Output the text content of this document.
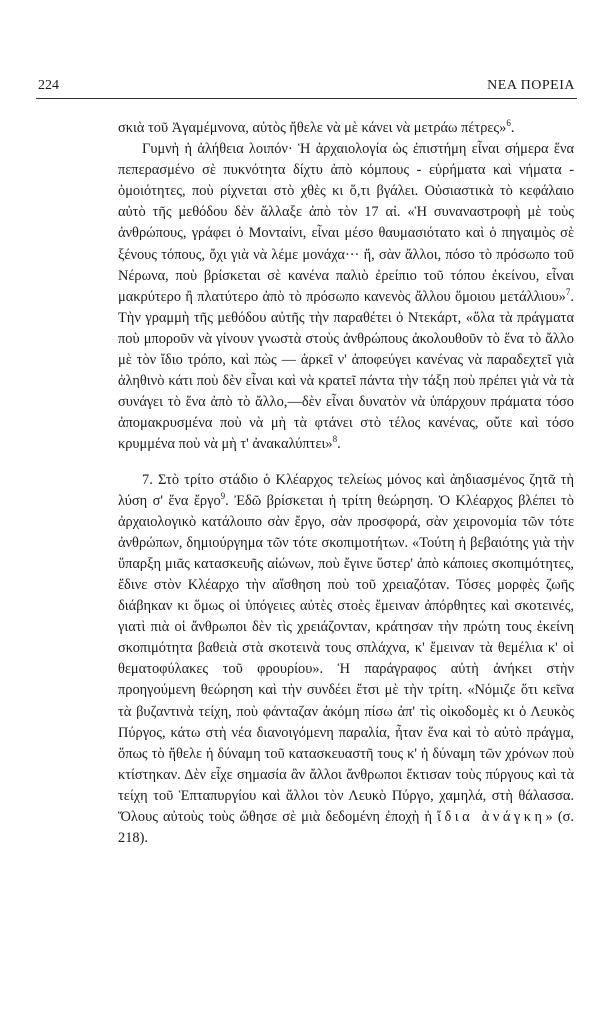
224	ΝΕΑ ΠΟΡΕΙΑ

σκιὰ τοῦ Ἀγαμέμνονα, αὐτὸς ἤθελε νὰ μὲ κάνει νὰ μετράω πέτρες»$^6$.

Γυμνὴ ἡ ἀλήθεια λοιπόν· Ἡ ἀρχαιολογία ὡς ἐπιστήμη εἶναι σήμερα ἕνα πεπερασμένο σὲ πυκνότητα δίχτυ ἀπὸ κόμπους - εὑρήματα καὶ νήματα - ὁμοιότητες, ποὺ ρίχνεται στὸ χθὲς κι ὅ,τι βγάλει. Οὐσιαστικὰ τὸ κεφάλαιο αὐτὸ τῆς μεθόδου δὲν ἄλλαξε ἀπὸ τὸν 17 αἰ. «Ἡ συναναστροφὴ μὲ τοὺς ἀνθρώπους, γράφει ὁ Μονταίνι, εἶναι μέσο θαυμασιότατο καὶ ὁ πηγαιμὸς σὲ ξένους τόπους, ὄχι γιὰ νὰ λέμε μονάχα··· ἤ, σὰν ἄλλοι, πόσο τὸ πρόσωπο τοῦ Νέρωνα, ποὺ βρίσκεται σὲ κανένα παλιὸ ἐρείπιο τοῦ τόπου ἐκείνου, εἶναι μακρύτερο ἢ πλατύτερο ἀπὸ τὸ πρόσωπο κανενὸς ἄλλου ὅμοιου μετάλλιου»$^7$. Τὴν γραμμὴ τῆς μεθόδου αὐτῆς τὴν παραθέτει ὁ Ντεκάρτ, «ὅλα τὰ πράγματα ποὺ μποροῦν νὰ γίνουν γνωστὰ στοὺς ἀνθρώπους ἀκολουθοῦν τὸ ἕνα τὸ ἄλλο μὲ τὸν ἴδιο τρόπο, καὶ πὼς — ἀρκεῖ ν' ἀποφεύγει κανένας νὰ παραδεχτεῖ γιὰ ἀληθινὸ κάτι ποὺ δὲν εἶναι καὶ νὰ κρατεῖ πάντα τὴν τάξη ποὺ πρέπει γιὰ νὰ τὰ συνάγει τὸ ἕνα ἀπὸ τὸ ἄλλο,—δὲν εἶναι δυνατὸν νὰ ὑπάρχουν πράματα τόσο ἀπομακρυσμένα ποὺ νὰ μὴ τὰ φτάνει στὸ τέλος κανένας, οὔτε καὶ τόσο κρυμμένα ποὺ νὰ μὴ τ' ἀνακαλύπτει»$^8$.

7. Στὸ τρίτο στάδιο ὁ Κλέαρχος τελείως μόνος καὶ ἀηδιασμένος ζητᾶ τὴ λύση σ' ἕνα ἔργο$^9$. Ἐδῶ βρίσκεται ἡ τρίτη θεώρηση. Ὁ Κλέαρχος βλέπει τὸ ἀρχαιολογικὸ κατάλοιπο σὰν ἔργο, σὰν προσφορά, σὰν χειρονομία τῶν τότε ἀνθρώπων, δημιούργημα τῶν τότε σκοπιμοτήτων. «Τούτη ἡ βεβαιότης γιὰ τὴν ὕπαρξη μιᾶς κατασκευῆς αἰώνων, ποὺ ἔγινε ὕστερ' ἀπὸ κάποιες σκοπιμότητες, ἔδινε στὸν Κλέαρχο τὴν αἴσθηση ποὺ τοῦ χρειαζόταν. Τόσες μορφὲς ζωῆς διάβηκαν κι ὅμως οἱ ὑπόγειες αὐτὲς στοὲς ἔμειναν ἀπόρθητες καὶ σκοτεινές, γιατὶ πιὰ οἱ ἄνθρωποι δὲν τὶς χρειάζονταν, κράτησαν τὴν πρώτη τους ἐκείνη σκοπιμότητα βαθειὰ στὰ σκοτεινὰ τους σπλάχνα, κ' ἔμειναν τὰ θεμέλια κ' οἱ θεματοφύλακες τοῦ φρουρίου». Ἡ παράγραφος αὐτὴ ἀνήκει στὴν προηγούμενη θεώρηση καὶ τὴν συνδέει ἔτσι μὲ τὴν τρίτη. «Νόμιζε ὅτι κεῖνα τὰ βυζαντινὰ τείχη, ποὺ φάνταζαν ἀκόμη πίσω ἀπ' τὶς οἰκοδομὲς κι ὁ Λευκὸς Πύργος, κάτω στὴ νέα διανοιγόμενη παραλία, ἦταν ἕνα καὶ τὸ αὐτὸ πράγμα, ὅπως τὸ ἤθελε ἡ δύναμη τοῦ κατασκευαστῆ τους κ' ἡ δύναμη τῶν χρόνων ποὺ κτίστηκαν. Δὲν εἶχε σημασία ἂν ἄλλοι ἄνθρωποι ἔκτισαν τοὺς πύργους καὶ τὰ τείχη τοῦ Ἑπταπυργίου καὶ ἄλλοι τὸν Λευκὸ Πύργο, χαμηλά, στὴ θάλασσα. Ὅλους αὐτοὺς τοὺς ὤθησε σὲ μιὰ δεδομένη ἐποχὴ ἡ ἴδια ἀνάγκη» (σ. 218).
